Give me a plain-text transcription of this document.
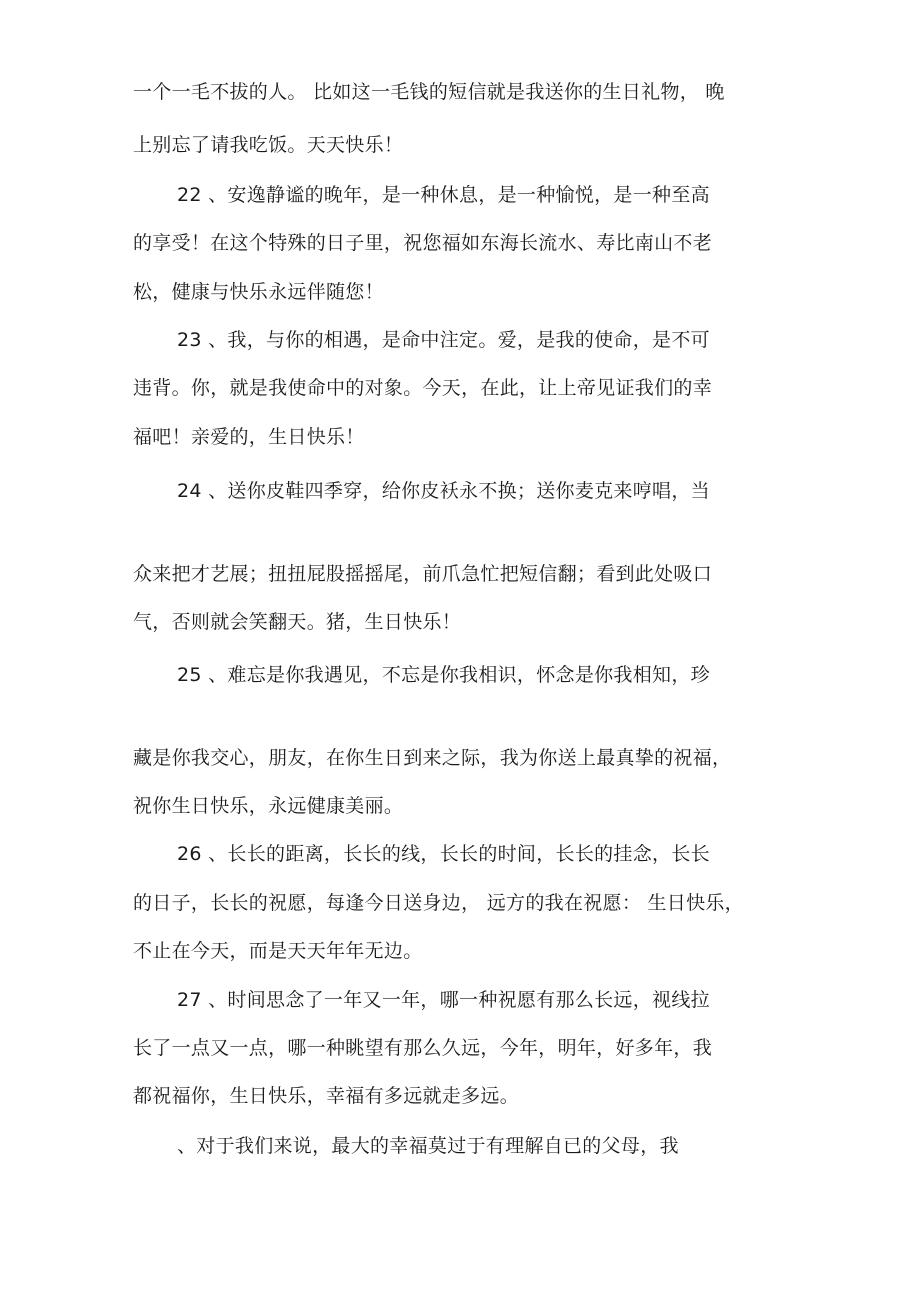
一个一毛不拔的人。 比如这一毛钱的短信就是我送你的生日礼物， 晚
上别忘了请我吃饭。天天快乐！
22 、安逸静谧的晚年，是一种休息，是一种愉悦，是一种至高
的享受！在这个特殊的日子里，祝您福如东海长流水、寿比南山不老
松，健康与快乐永远伴随您！
23 、我，与你的相遇，是命中注定。爱，是我的使命，是不可
违背。你，就是我使命中的对象。今天，在此，让上帝见证我们的幸
福吧！亲爱的，生日快乐！
24 、送你皮鞋四季穿，给你皮袄永不换；送你麦克来哼唱，当
众来把才艺展；扭扭屁股摇摇尾，前爪急忙把短信翻；看到此处吸口
气，否则就会笑翻天。猪，生日快乐！
25 、难忘是你我遇见，不忘是你我相识，怀念是你我相知，珍
藏是你我交心，朋友，在你生日到来之际，我为你送上最真挚的祝福，
祝你生日快乐，永远健康美丽。
26 、长长的距离，长长的线，长长的时间，长长的挂念，长长
的日子，长长的祝愿，每逢今日送身边， 远方的我在祝愿： 生日快乐，
不止在今天，而是天天年年无边。
27 、时间思念了一年又一年，哪一种祝愿有那么长远，视线拉
长了一点又一点，哪一种眺望有那么久远，今年，明年，好多年，我
都祝福你，生日快乐，幸福有多远就走多远。
、对于我们来说，最大的幸福莫过于有理解自已的父母，我
